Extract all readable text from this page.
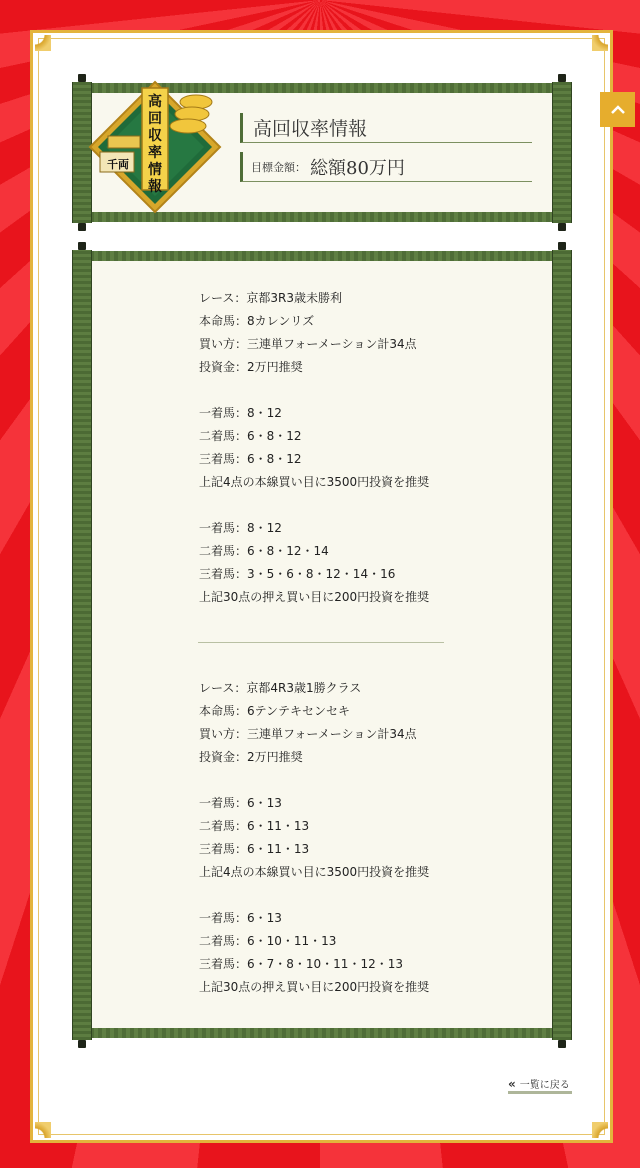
高回収率情報
千両
高回収率情報
目標金額： 総額80万円
レース：京都3R3歳未勝利
本命馬：8カレンリズ
買い方：三連単フォーメーション計34点
投資金：2万円推奨
一着馬：8・12
二着馬：6・8・12
三着馬：6・8・12
上記4点の本線買い目に3500円投資を推奨
一着馬：8・12
二着馬：6・8・12・14
三着馬：3・5・6・8・12・14・16
上記30点の押え買い目に200円投資を推奨
レース：京都4R3歳1勝クラス
本命馬：6テンテキセンセキ
買い方：三連単フォーメーション計34点
投資金：2万円推奨
一着馬：6・13
二着馬：6・11・13
三着馬：6・11・13
上記4点の本線買い目に3500円投資を推奨
一着馬：6・13
二着馬：6・10・11・13
三着馬：6・7・8・10・11・12・13
上記30点の押え買い目に200円投資を推奨
« 一覧に戻る
